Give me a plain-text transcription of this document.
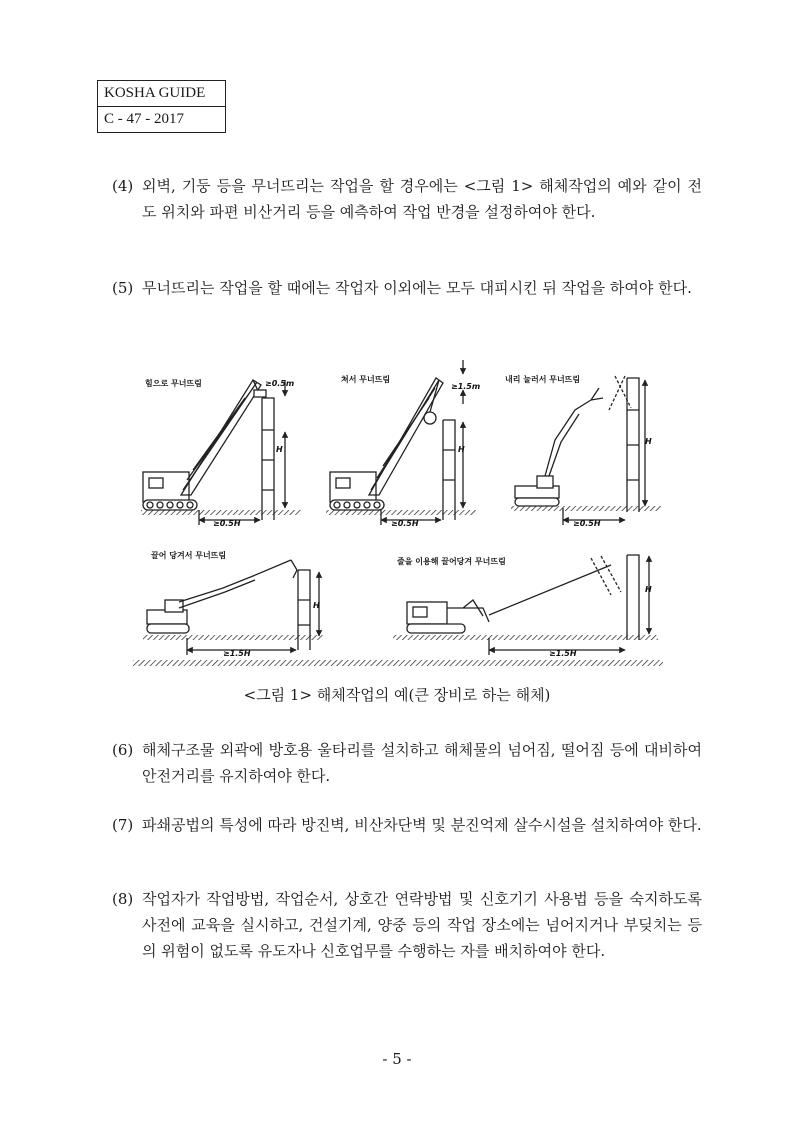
KOSHA GUIDE
C - 47 - 2017
(4) 외벽, 기둥 등을 무너뜨리는 작업을 할 경우에는 <그림 1> 해체작업의 예와 같이 전도 위치와 파편 비산거리 등을 예측하여 작업 반경을 설정하여야 한다.
(5) 무너뜨리는 작업을 할 때에는 작업자 이외에는 모두 대피시킨 뒤 작업을 하여야 한다.
힘으로 무너뜨림	≥0.5m
H
≥0.5H
쳐서 무너뜨림
≥1.5m
H
≥0.5H
내리 눌러서 무너뜨림
H
≥0.5H
끌어 당겨서 무너뜨림
H
≥1.5H
줄을 이용해 끌어당겨 무너뜨림
H
≥1.5H
<그림 1> 해체작업의 예(큰 장비로 하는 해체)
(6) 해체구조물 외곽에 방호용 울타리를 설치하고 해체물의 넘어짐, 떨어짐 등에 대비하여 안전거리를 유지하여야 한다.
(7) 파쇄공법의 특성에 따라 방진벽, 비산차단벽 및 분진억제 살수시설을 설치하여야 한다.
(8) 작업자가 작업방법, 작업순서, 상호간 연락방법 및 신호기기 사용법 등을 숙지하도록 사전에 교육을 실시하고, 건설기계, 양중 등의 작업 장소에는 넘어지거나 부딪치는 등의 위험이 없도록 유도자나 신호업무를 수행하는 자를 배치하여야 한다.
- 5 -
